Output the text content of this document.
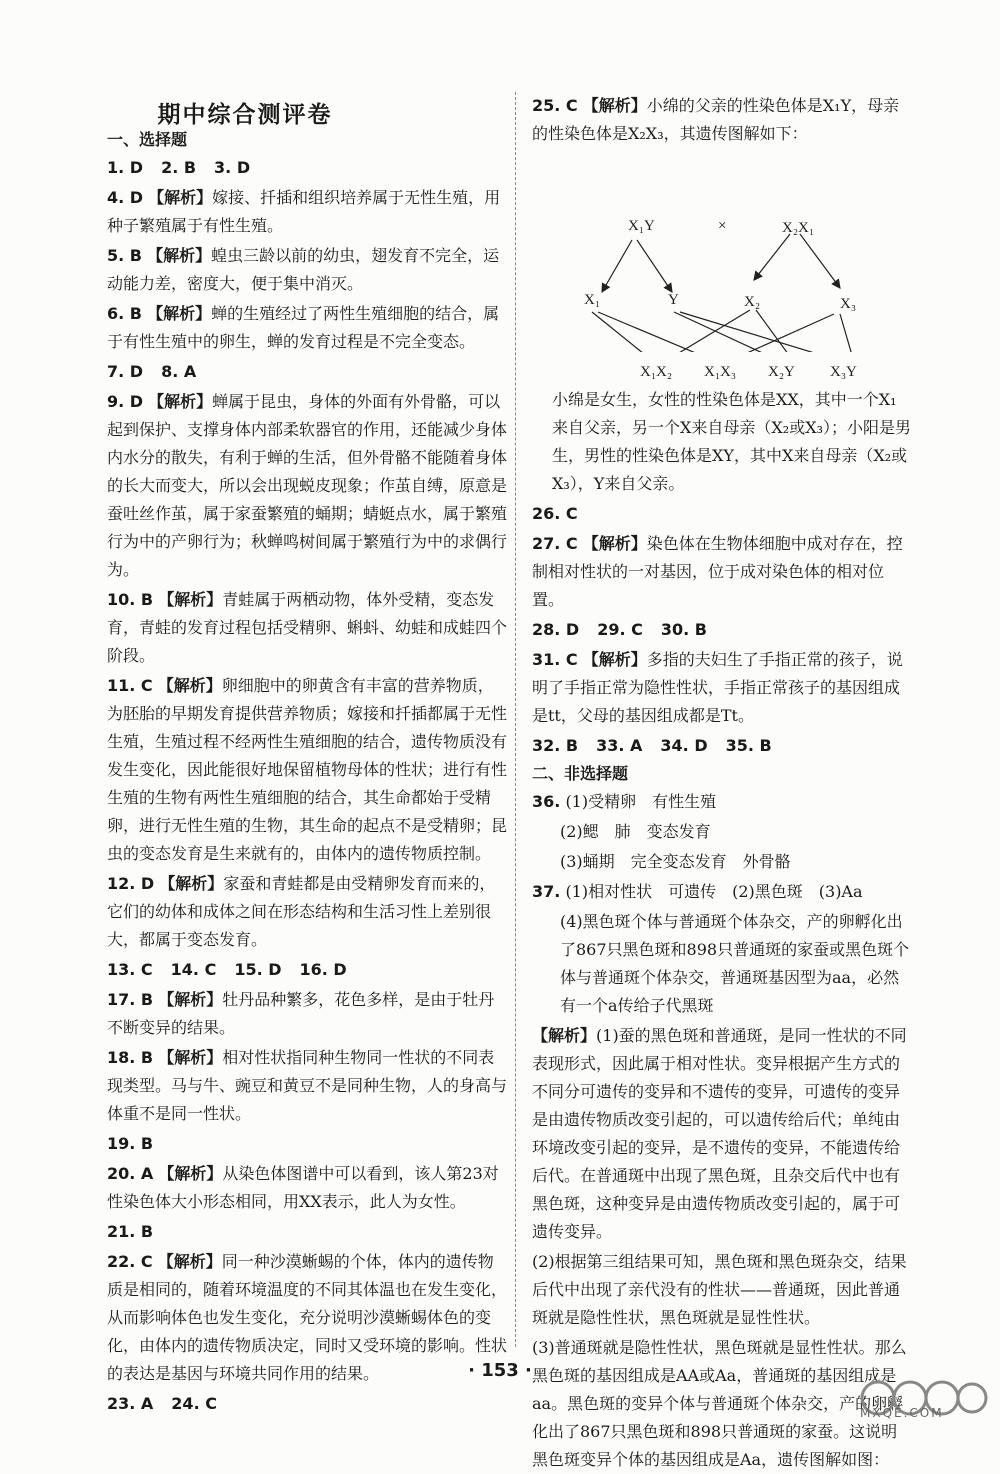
期中综合测评卷
一、选择题

1. D 2. B 3. D

4. D 【解析】嫁接、扦插和组织培养属于无性生殖，用种子繁殖属于有性生殖。

5. B 【解析】蝗虫三龄以前的幼虫，翅发育不完全，运动能力差，密度大，便于集中消灭。

6. B 【解析】蝉的生殖经过了两性生殖细胞的结合，属于有性生殖中的卵生，蝉的发育过程是不完全变态。

7. D 8. A

9. D 【解析】蝉属于昆虫，身体的外面有外骨骼，可以起到保护、支撑身体内部柔软器官的作用，还能减少身体内水分的散失，有利于蝉的生活，但外骨骼不能随着身体的长大而变大，所以会出现蜕皮现象；作茧自缚，原意是蚕吐丝作茧，属于家蚕繁殖的蛹期；蜻蜓点水，属于繁殖行为中的产卵行为；秋蝉鸣树间属于繁殖行为中的求偶行为。

10. B 【解析】青蛙属于两栖动物，体外受精，变态发育，青蛙的发育过程包括受精卵、蝌蚪、幼蛙和成蛙四个阶段。

11. C 【解析】卵细胞中的卵黄含有丰富的营养物质，为胚胎的早期发育提供营养物质；嫁接和扦插都属于无性生殖，生殖过程不经两性生殖细胞的结合，遗传物质没有发生变化，因此能很好地保留植物母体的性状；进行有性生殖的生物有两性生殖细胞的结合，其生命都始于受精卵，进行无性生殖的生物，其生命的起点不是受精卵；昆虫的变态发育是生来就有的，由体内的遗传物质控制。

12. D 【解析】家蚕和青蛙都是由受精卵发育而来的，它们的幼体和成体之间在形态结构和生活习性上差别很大，都属于变态发育。

13. C 14. C 15. D 16. D

17. B 【解析】牡丹品种繁多，花色多样，是由于牡丹不断变异的结果。

18. B 【解析】相对性状指同种生物同一性状的不同表现类型。马与牛、豌豆和黄豆不是同种生物，人的身高与体重不是同一性状。

19. B

20. A 【解析】从染色体图谱中可以看到，该人第23对性染色体大小形态相同，用XX表示，此人为女性。

21. B

22. C 【解析】同一种沙漠蜥蜴的个体，体内的遗传物质是相同的，随着环境温度的不同其体温也在发生变化，从而影响体色也发生变化，充分说明沙漠蜥蜴体色的变化，由体内的遗传物质决定，同时又受环境的影响。性状的表达是基因与环境共同作用的结果。

23. A 24. C

25. C 【解析】小绵的父亲的性染色体是X₁Y，母亲的性染色体是X₂X₃，其遗传图解如下：

X₁Y	×	X₂X₁
X₁	Y	X₂	X₃
X₁X₂ X₁X₃ X₂Y X₃Y

小绵是女生，女性的性染色体是XX，其中一个X₁来自父亲，另一个X来自母亲（X₂或X₃）；小阳是男生，男性的性染色体是XY，其中X来自母亲（X₂或X₃），Y来自父亲。

26. C

27. C 【解析】染色体在生物体细胞中成对存在，控制相对性状的一对基因，位于成对染色体的相对位置。

28. D 29. C 30. B

31. C 【解析】多指的夫妇生了手指正常的孩子，说明了手指正常为隐性性状，手指正常孩子的基因组成是tt，父母的基因组成都是Tt。

32. B 33. A 34. D 35. B

二、非选择题

36. (1)受精卵　有性生殖

(2)鳃　肺　变态发育

(3)蛹期　完全变态发育　外骨骼

37. (1)相对性状　可遗传　(2)黑色斑　(3)Aa

(4)黑色斑个体与普通斑个体杂交，产的卵孵化出了867只黑色斑和898只普通斑的家蚕或黑色斑个体与普通斑个体杂交，普通斑基因型为aa，必然有一个a传给子代黑斑

【解析】(1)蚕的黑色斑和普通斑，是同一性状的不同表现形式，因此属于相对性状。变异根据产生方式的不同分可遗传的变异和不遗传的变异，可遗传的变异是由遗传物质改变引起的，可以遗传给后代；单纯由环境改变引起的变异，是不遗传的变异，不能遗传给后代。在普通斑中出现了黑色斑，且杂交后代中也有黑色斑，这种变异是由遗传物质改变引起的，属于可遗传变异。

(2)根据第三组结果可知，黑色斑和黑色斑杂交，结果后代中出现了亲代没有的性状——普通斑，因此普通斑就是隐性性状，黑色斑就是显性性状。

(3)普通斑就是隐性性状，黑色斑就是显性性状。那么黑色斑的基因组成是AA或Aa，普通斑的基因组成是aa。黑色斑的变异个体与普通斑个体杂交，产的卵孵化出了867只黑色斑和898只普通斑的家蚕。这说明黑色斑变异个体的基因组成是Aa，遗传图解如图：

· 153 ·
MXQE.COM
